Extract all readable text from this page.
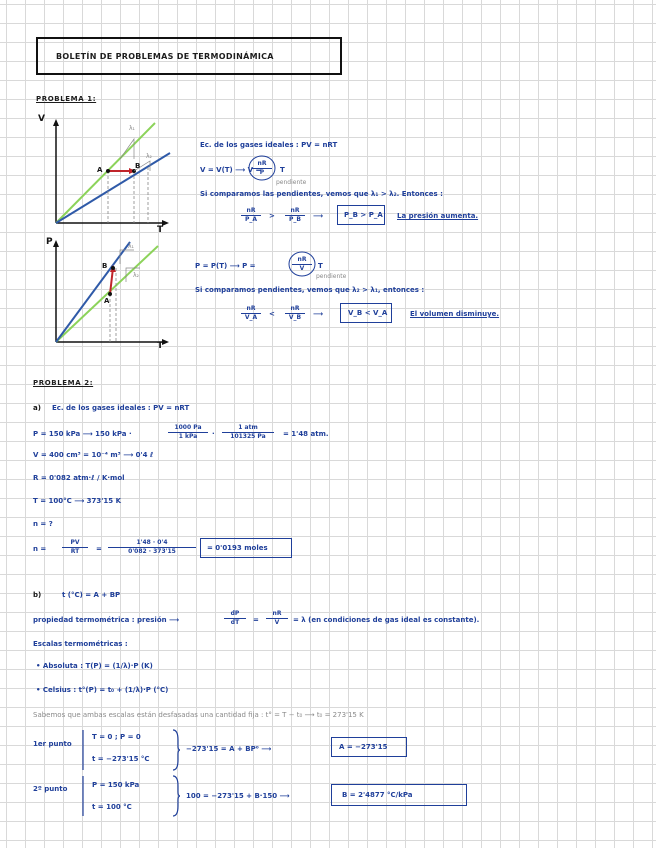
BOLETÍN DE PROBLEMAS DE TERMODINÁMICA
PROBLEMA 1:
V
T
A	B
λ₁
λ₂
P
T
A
B
λ₁
λ₂
Ec. de los gases ideales : PV = nRT
V = V(T) ⟶ V =
$\frac{nR}{P}$ T
pendiente
Si comparamos las pendientes, vemos que λ₁ > λ₂. Entonces :
$\frac{nR}{P\_A} > \frac{nR}{P\_B}$ ⟶	P_B > P_A La presión aumenta.
P = P(T) ⟶ P =	$\frac{nR}{V}$ T
pendiente
Si comparamos pendientes, vemos que λ₂ > λ₁, entonces :
$\frac{nR}{V\_A} < \frac{nR}{V\_B}$ ⟶	V_B < V_A	El volumen disminuye.
PROBLEMA 2:
a) Ec. de los gases ideales : PV = nRT
P = 150 kPa ⟶ 150 kPa ·
1000 Pa
1 kPa	·
1 atm
101325 Pa	= 1'48 atm.
V = 400 cm³ = 10⁻⁴ m³ ⟶ 0'4 ℓ
R = 0'082 atm·ℓ / K·mol
T = 100°C ⟶ 373'15 K
n = ?
n =	$\frac{PV}{RT} = \frac{1'48 \cdot 0'4}{0'082 \cdot 373'15} = 0'0193$ moles
b)	t (°C) = A + BP
propiedad termométrica : presión ⟶	$\frac{dP}{dT} = \frac{nR}{V} = \lambda$ (en condiciones de gas ideal es constante).
Escalas termométricas :
• Absoluta : T(P) = (1/λ)·P (K)
• Celsius : t°(P) = t₀ + (1/λ)·P (°C)
Sabemos que ambas escalas están desfasadas una cantidad fija : t° = T − t₀ ⟶ t₀ = 273'15 K
1er punto
T = 0 ; P = 0
t = −273'15 °C
−273'15 = A + BP⁰ ⟶	A = −273'15
2º punto	P = 150 kPa
t = 100 °C
100 = −273'15 + B·150 ⟶	B = 2'4877 °C/kPa
